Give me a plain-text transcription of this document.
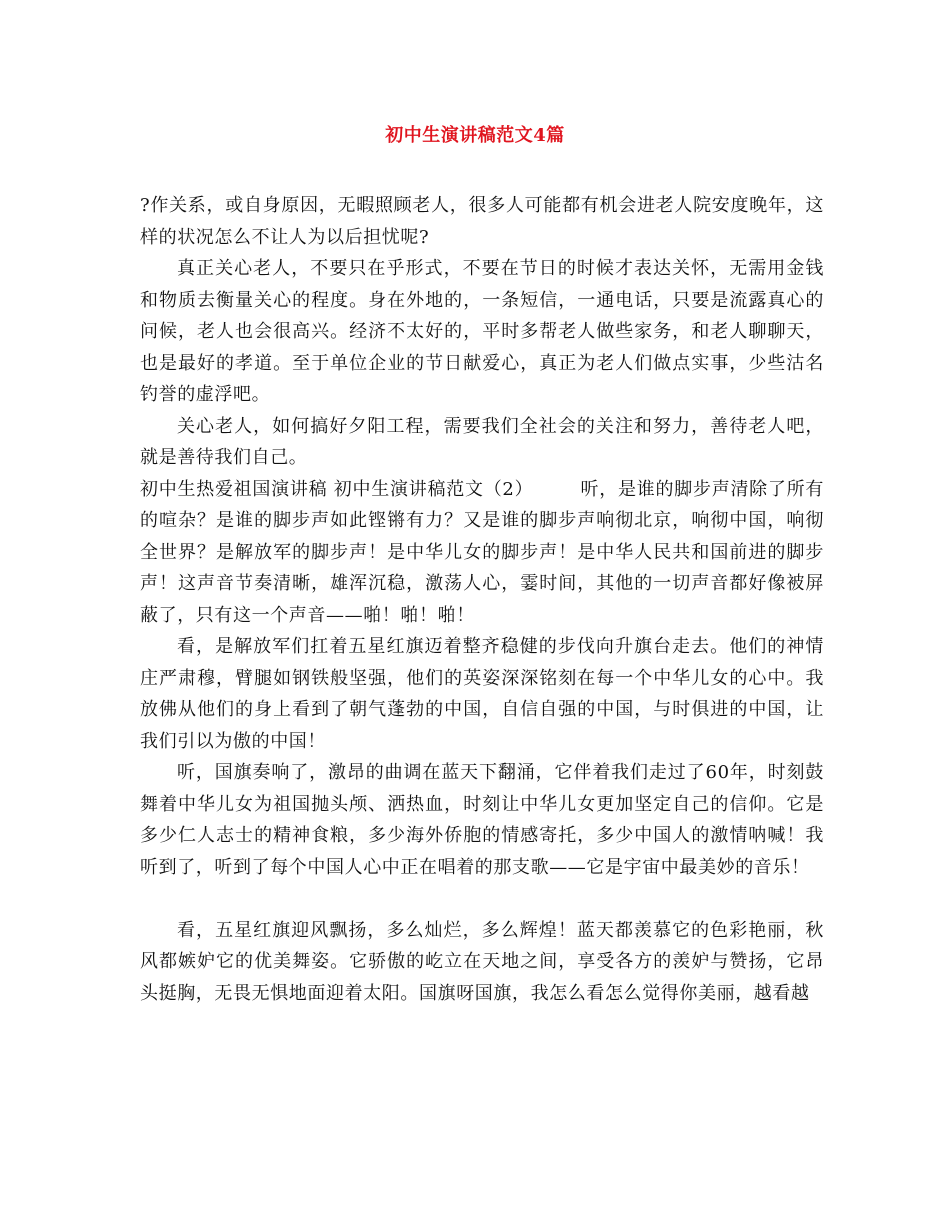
初中生演讲稿范文4篇

?作关系，或自身原因，无暇照顾老人，很多人可能都有机会进老人院安度晚年，这样的状况怎么不让人为以后担忧呢?

真正关心老人，不要只在乎形式，不要在节日的时候才表达关怀，无需用金钱和物质去衡量关心的程度。身在外地的，一条短信，一通电话，只要是流露真心的问候，老人也会很高兴。经济不太好的，平时多帮老人做些家务，和老人聊聊天，也是最好的孝道。至于单位企业的节日献爱心，真正为老人们做点实事，少些沽名钓誉的虚浮吧。

关心老人，如何搞好夕阳工程，需要我们全社会的关注和努力，善待老人吧，就是善待我们自己。

初中生热爱祖国演讲稿 初中生演讲稿范文（2）　　　听，是谁的脚步声清除了所有的喧杂？是谁的脚步声如此铿锵有力？又是谁的脚步声响彻北京，响彻中国，响彻全世界？是解放军的脚步声！是中华儿女的脚步声！是中华人民共和国前进的脚步声！这声音节奏清晰，雄浑沉稳，激荡人心，霎时间，其他的一切声音都好像被屏蔽了，只有这一个声音——啪！啪！啪！

看，是解放军们扛着五星红旗迈着整齐稳健的步伐向升旗台走去。他们的神情庄严肃穆，臂腿如钢铁般坚强，他们的英姿深深铭刻在每一个中华儿女的心中。我放佛从他们的身上看到了朝气蓬勃的中国，自信自强的中国，与时俱进的中国，让我们引以为傲的中国！

听，国旗奏响了，激昂的曲调在蓝天下翻涌，它伴着我们走过了60年，时刻鼓舞着中华儿女为祖国抛头颅、洒热血，时刻让中华儿女更加坚定自己的信仰。它是多少仁人志士的精神食粮，多少海外侨胞的情感寄托，多少中国人的激情呐喊！我听到了，听到了每个中国人心中正在唱着的那支歌——它是宇宙中最美妙的音乐！

看，五星红旗迎风飘扬，多么灿烂，多么辉煌！蓝天都羡慕它的色彩艳丽，秋风都嫉妒它的优美舞姿。它骄傲的屹立在天地之间，享受各方的羡妒与赞扬，它昂头挺胸，无畏无惧地面迎着太阳。国旗呀国旗，我怎么看怎么觉得你美丽，越看越
